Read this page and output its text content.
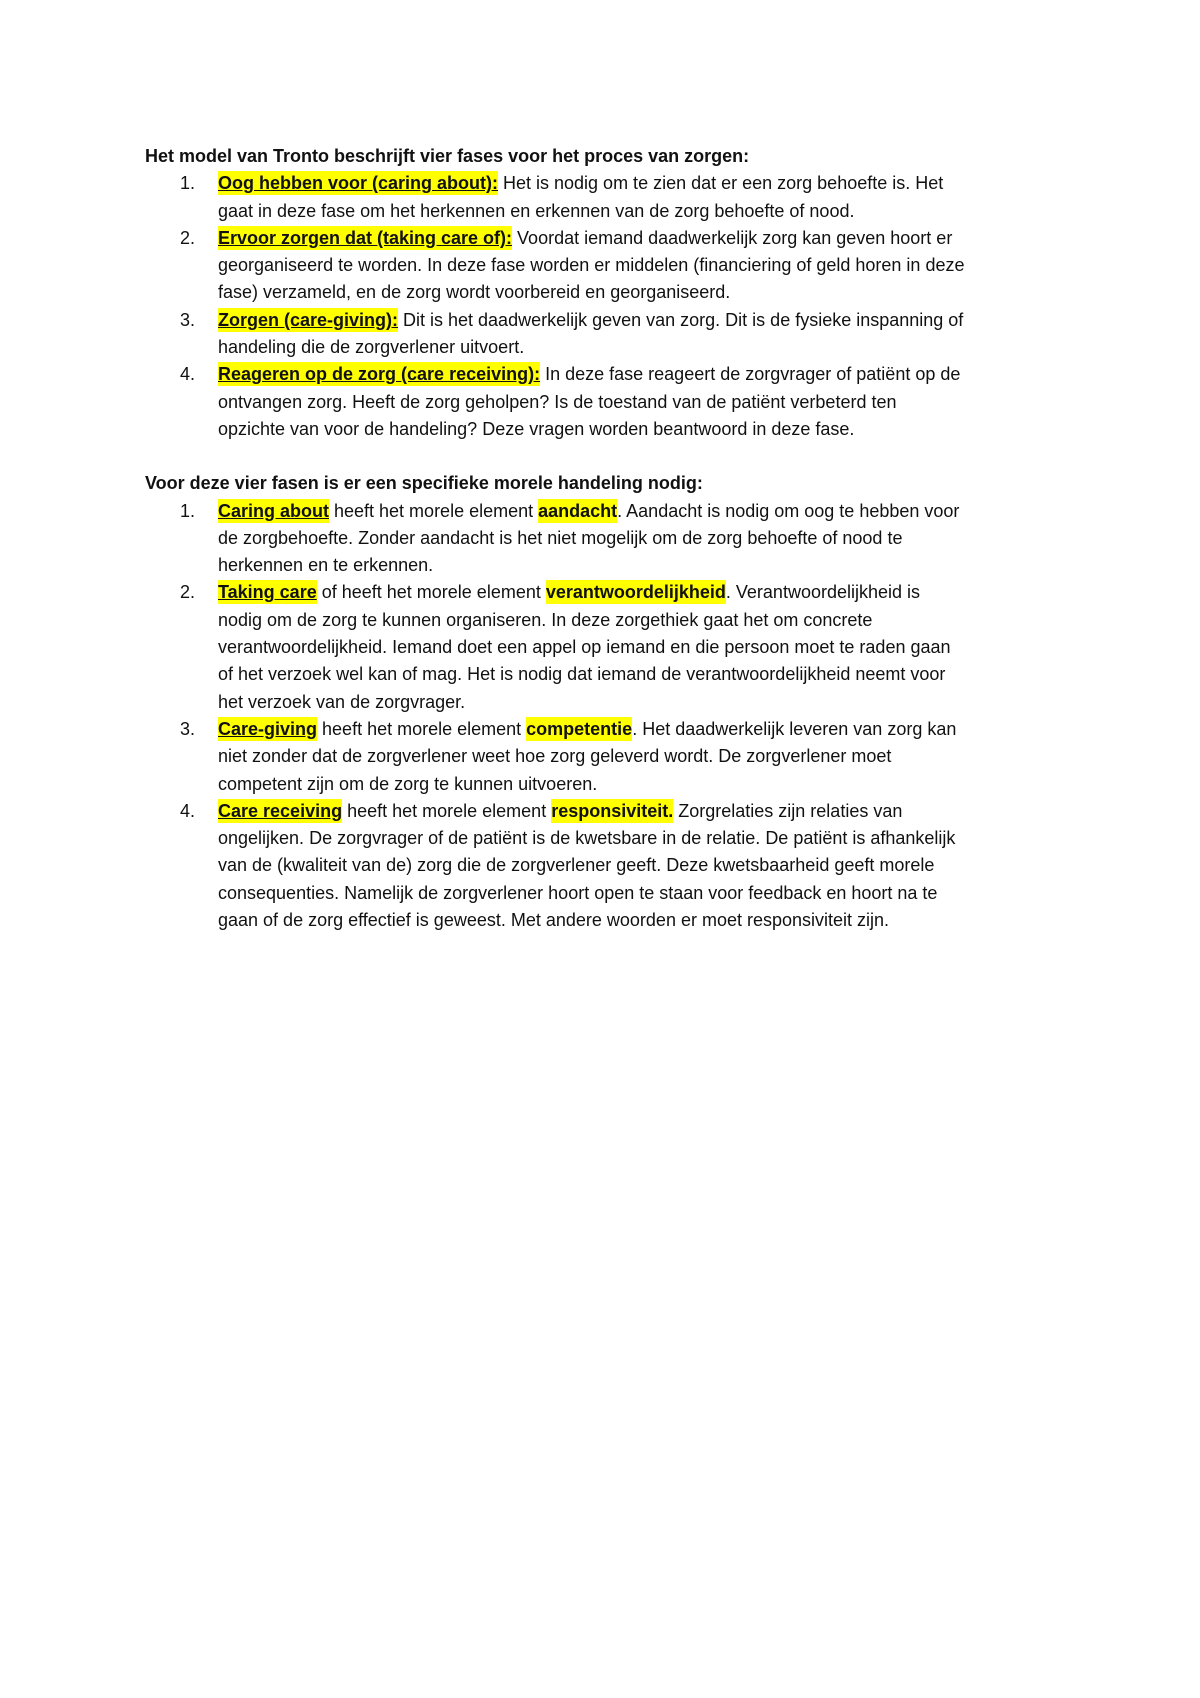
Het model van Tronto beschrijft vier fases voor het proces van zorgen:

1.	Oog hebben voor (caring about): Het is nodig om te zien dat er een zorg behoefte is. Het gaat in deze fase om het herkennen en erkennen van de zorg behoefte of nood.
2.	Ervoor zorgen dat (taking care of): Voordat iemand daadwerkelijk zorg kan geven hoort er georganiseerd te worden. In deze fase worden er middelen (financiering of geld horen in deze fase) verzameld, en de zorg wordt voorbereid en georganiseerd.
3.	Zorgen (care-giving): Dit is het daadwerkelijk geven van zorg. Dit is de fysieke inspanning of handeling die de zorgverlener uitvoert.
4.	Reageren op de zorg (care receiving): In deze fase reageert de zorgvrager of patiënt op de ontvangen zorg. Heeft de zorg geholpen? Is de toestand van de patiënt verbeterd ten opzichte van voor de handeling? Deze vragen worden beantwoord in deze fase.

Voor deze vier fasen is er een specifieke morele handeling nodig:

1.	Caring about heeft het morele element aandacht. Aandacht is nodig om oog te hebben voor de zorgbehoefte. Zonder aandacht is het niet mogelijk om de zorg behoefte of nood te herkennen en te erkennen.
2.	Taking care of heeft het morele element verantwoordelijkheid. Verantwoordelijkheid is nodig om de zorg te kunnen organiseren. In deze zorgethiek gaat het om concrete verantwoordelijkheid. Iemand doet een appel op iemand en die persoon moet te raden gaan of het verzoek wel kan of mag. Het is nodig dat iemand de verantwoordelijkheid neemt voor het verzoek van de zorgvrager.
3.	Care-giving heeft het morele element competentie. Het daadwerkelijk leveren van zorg kan niet zonder dat de zorgverlener weet hoe zorg geleverd wordt. De zorgverlener moet competent zijn om de zorg te kunnen uitvoeren.
4.	Care receiving heeft het morele element responsiviteit. Zorgrelaties zijn relaties van ongelijken. De zorgvrager of de patiënt is de kwetsbare in de relatie. De patiënt is afhankelijk van de (kwaliteit van de) zorg die de zorgverlener geeft. Deze kwetsbaarheid geeft morele consequenties. Namelijk de zorgverlener hoort open te staan voor feedback en hoort na te gaan of de zorg effectief is geweest. Met andere woorden er moet responsiviteit zijn.
